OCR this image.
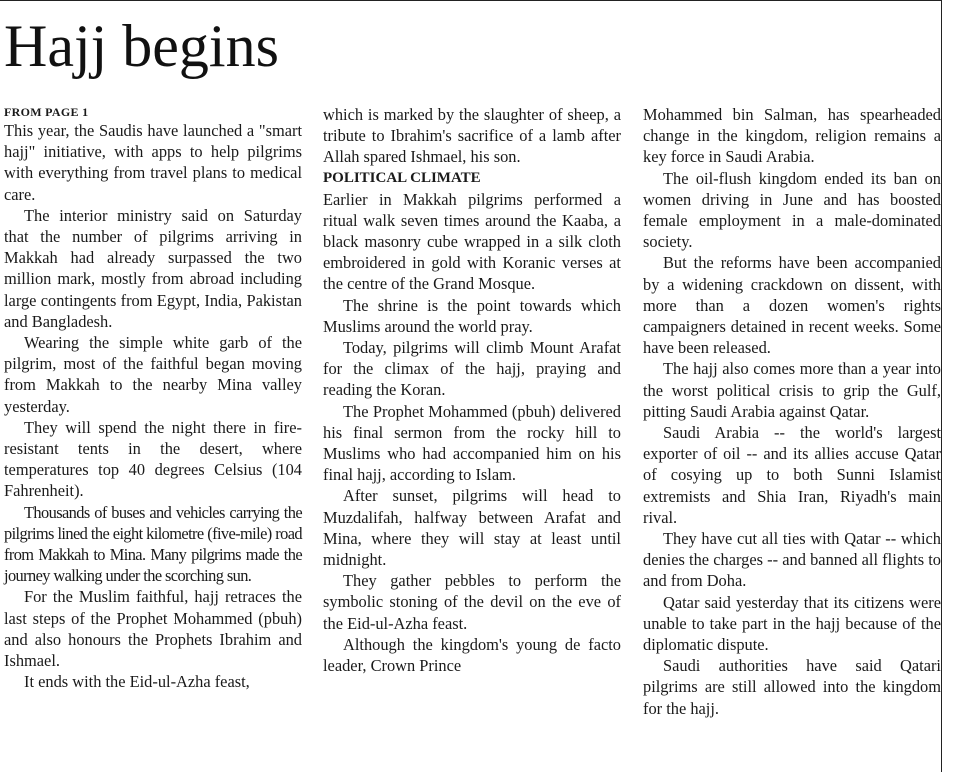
Hajj begins
FROM PAGE 1

This year, the Saudis have launched a "smart hajj" initiative, with apps to help pilgrims with everything from travel plans to medical care.

The interior ministry said on Saturday that the number of pilgrims arriving in Makkah had already surpassed the two million mark, mostly from abroad including large contingents from Egypt, India, Pakistan and Bangladesh.

Wearing the simple white garb of the pilgrim, most of the faithful began moving from Makkah to the nearby Mina valley yesterday.

They will spend the night there in fire-resistant tents in the desert, where temperatures top 40 degrees Celsius (104 Fahrenheit).

Thousands of buses and vehicles carrying the pilgrims lined the eight kilometre (five-mile) road from Makkah to Mina. Many pilgrims made the journey walking under the scorching sun.

For the Muslim faithful, hajj retraces the last steps of the Prophet Mohammed (pbuh) and also honours the Prophets Ibrahim and Ishmael.

It ends with the Eid-ul-Azha feast,

which is marked by the slaughter of sheep, a tribute to Ibrahim's sacrifice of a lamb after Allah spared Ishmael, his son.

POLITICAL CLIMATE

Earlier in Makkah pilgrims performed a ritual walk seven times around the Kaaba, a black masonry cube wrapped in a silk cloth embroidered in gold with Koranic verses at the centre of the Grand Mosque.

The shrine is the point towards which Muslims around the world pray.

Today, pilgrims will climb Mount Arafat for the climax of the hajj, praying and reading the Koran.

The Prophet Mohammed (pbuh) delivered his final sermon from the rocky hill to Muslims who had accompanied him on his final hajj, according to Islam.

After sunset, pilgrims will head to Muzdalifah, halfway between Arafat and Mina, where they will stay at least until midnight.

They gather pebbles to perform the symbolic stoning of the devil on the eve of the Eid-ul-Azha feast.

Although the kingdom's young de facto leader, Crown Prince

Mohammed bin Salman, has spearheaded change in the kingdom, religion remains a key force in Saudi Arabia.

The oil-flush kingdom ended its ban on women driving in June and has boosted female employment in a male-dominated society.

But the reforms have been accompanied by a widening crackdown on dissent, with more than a dozen women's rights campaigners detained in recent weeks. Some have been released.

The hajj also comes more than a year into the worst political crisis to grip the Gulf, pitting Saudi Arabia against Qatar.

Saudi Arabia -- the world's largest exporter of oil -- and its allies accuse Qatar of cosying up to both Sunni Islamist extremists and Shia Iran, Riyadh's main rival.

They have cut all ties with Qatar -- which denies the charges -- and banned all flights to and from Doha.

Qatar said yesterday that its citizens were unable to take part in the hajj because of the diplomatic dispute.

Saudi authorities have said Qatari pilgrims are still allowed into the kingdom for the hajj.
